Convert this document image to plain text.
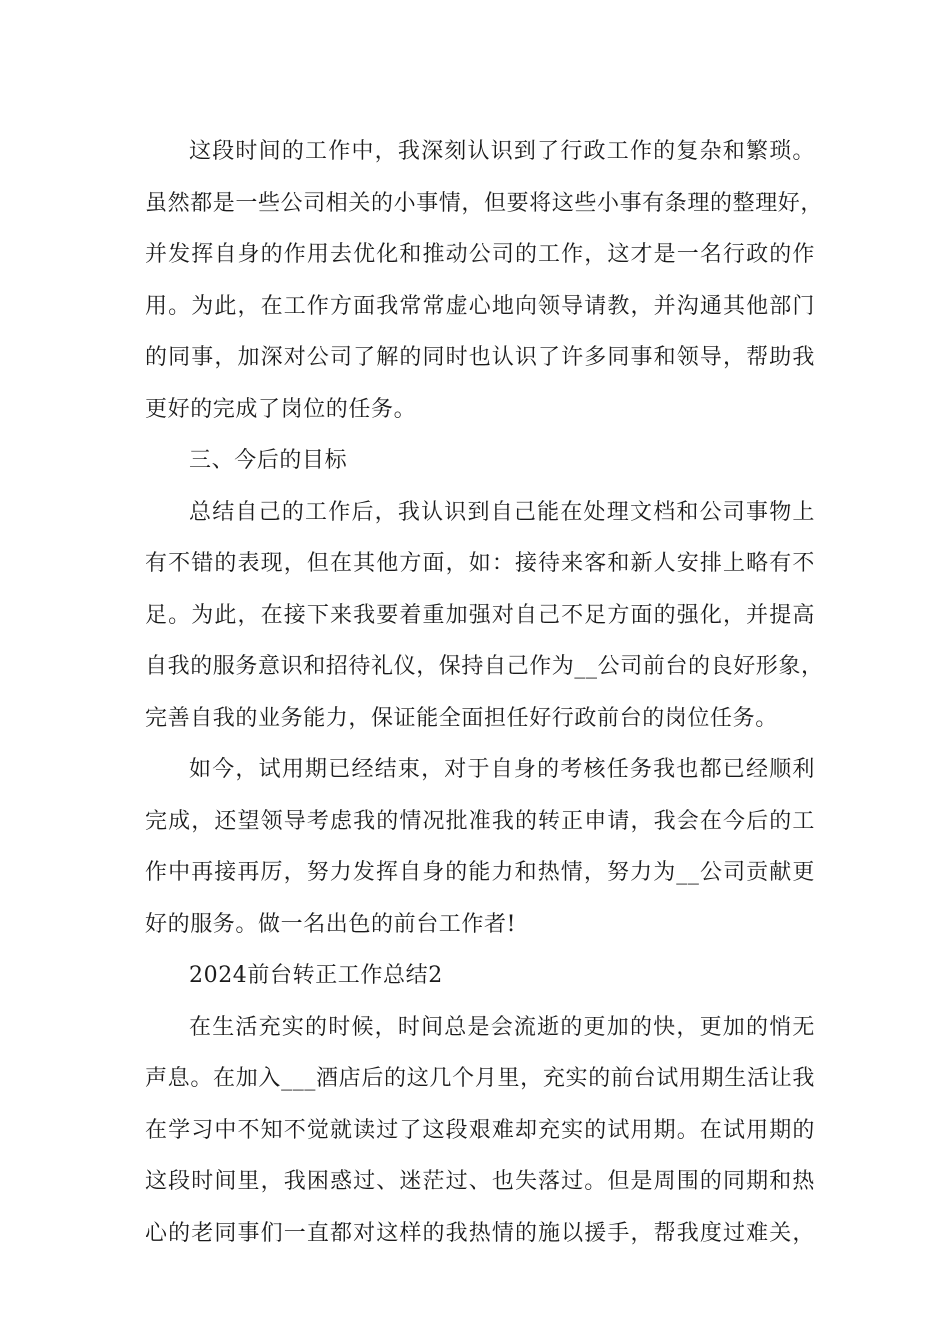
这段时间的工作中，我深刻认识到了行政工作的复杂和繁琐。
虽然都是一些公司相关的小事情，但要将这些小事有条理的整理好，
并发挥自身的作用去优化和推动公司的工作，这才是一名行政的作
用。为此，在工作方面我常常虚心地向领导请教，并沟通其他部门
的同事，加深对公司了解的同时也认识了许多同事和领导，帮助我
更好的完成了岗位的任务。
三、今后的目标
总结自己的工作后，我认识到自己能在处理文档和公司事物上
有不错的表现，但在其他方面，如：接待来客和新人安排上略有不
足。为此，在接下来我要着重加强对自己不足方面的强化，并提高
自我的服务意识和招待礼仪，保持自己作为__公司前台的良好形象，
完善自我的业务能力，保证能全面担任好行政前台的岗位任务。
如今，试用期已经结束，对于自身的考核任务我也都已经顺利
完成，还望领导考虑我的情况批准我的转正申请，我会在今后的工
作中再接再厉，努力发挥自身的能力和热情，努力为__公司贡献更
好的服务。做一名出色的前台工作者!
2024前台转正工作总结2
在生活充实的时候，时间总是会流逝的更加的快，更加的悄无
声息。在加入___酒店后的这几个月里，充实的前台试用期生活让我
在学习中不知不觉就读过了这段艰难却充实的试用期。在试用期的
这段时间里，我困惑过、迷茫过、也失落过。但是周围的同期和热
心的老同事们一直都对这样的我热情的施以援手，帮我度过难关，
